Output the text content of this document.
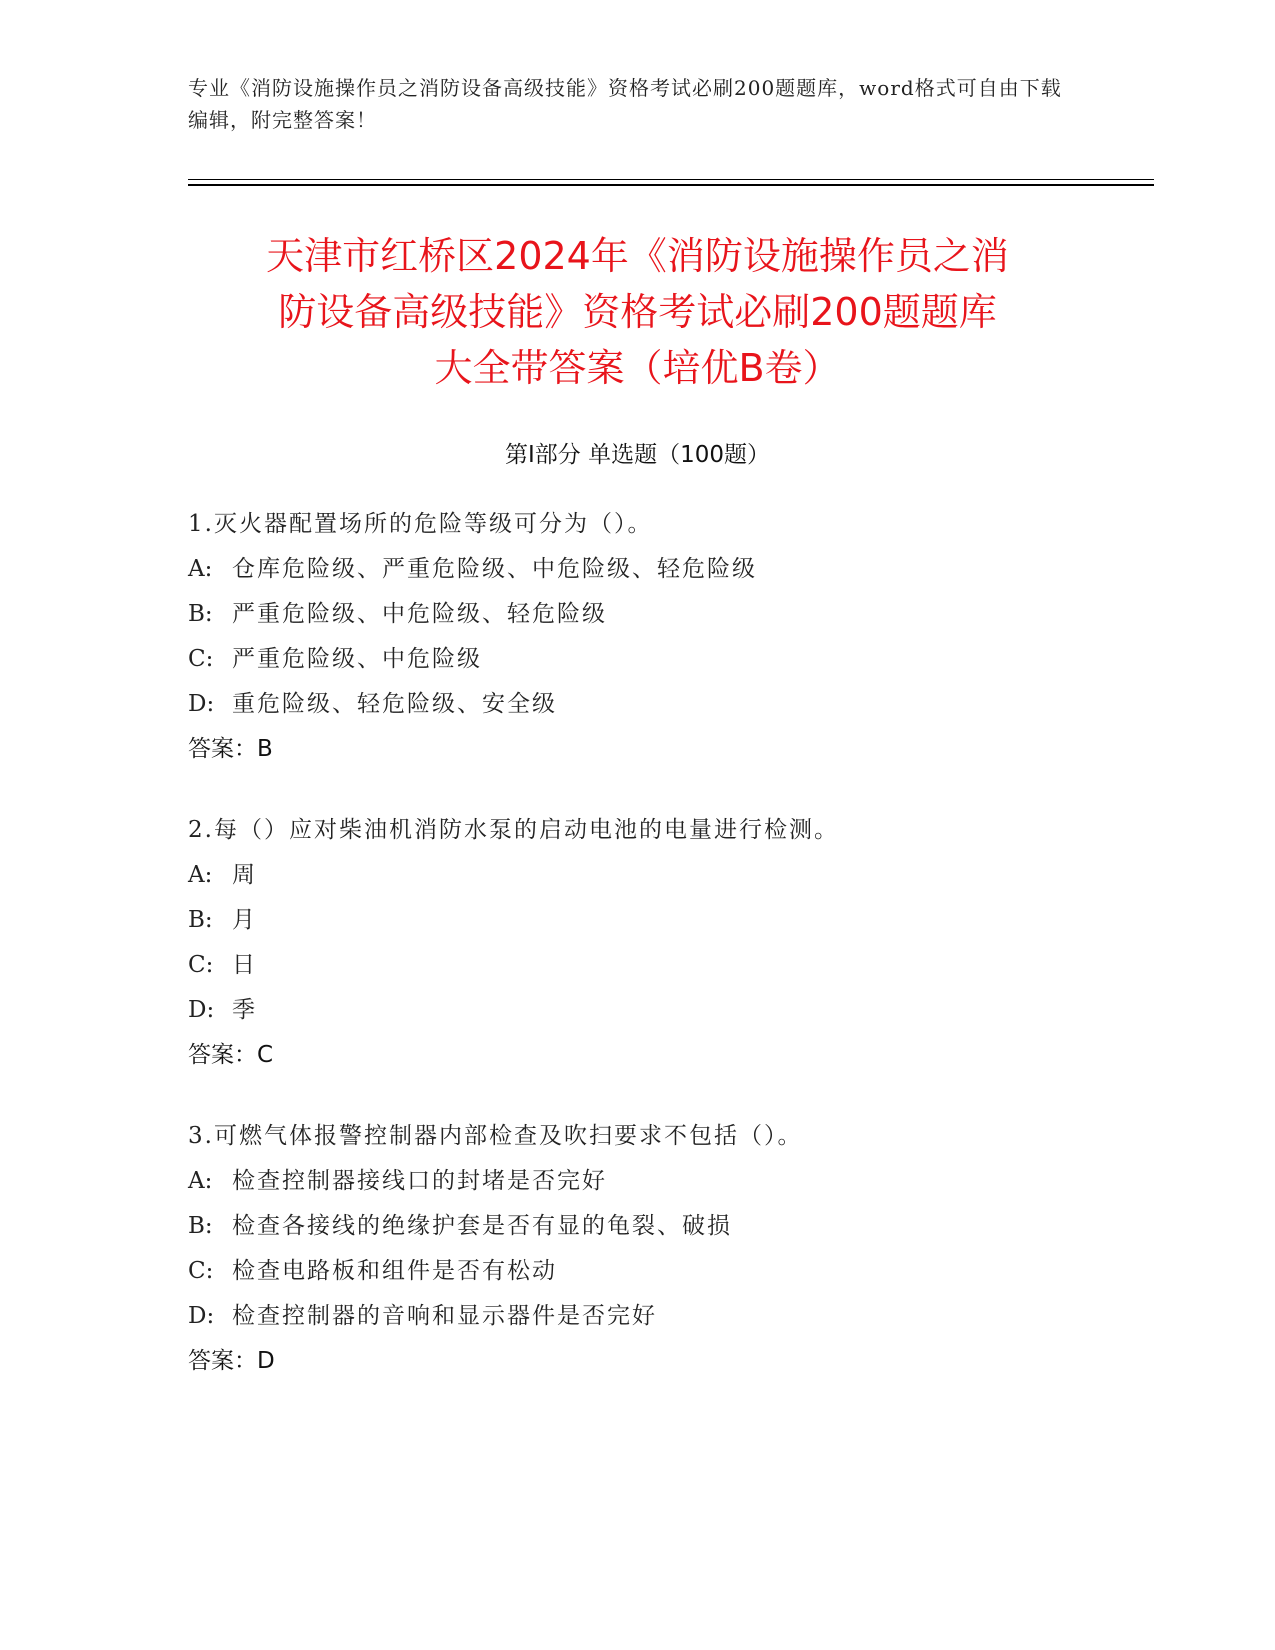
专业《消防设施操作员之消防设备高级技能》资格考试必刷200题题库，word格式可自由下载编辑，附完整答案！
天津市红桥区2024年《消防设施操作员之消
防设备高级技能》资格考试必刷200题题库
大全带答案（培优B卷）
第Ⅰ部分 单选题（100题）
1.灭火器配置场所的危险等级可分为（）。
A: 仓库危险级、严重危险级、中危险级、轻危险级
B: 严重危险级、中危险级、轻危险级
C: 严重危险级、中危险级
D: 重危险级、轻危险级、安全级
答案：B
2.每（）应对柴油机消防水泵的启动电池的电量进行检测。
A: 周
B: 月
C: 日
D: 季
答案：C
3.可燃气体报警控制器内部检查及吹扫要求不包括（）。
A: 检查控制器接线口的封堵是否完好
B: 检查各接线的绝缘护套是否有显的龟裂、破损
C: 检查电路板和组件是否有松动
D: 检查控制器的音响和显示器件是否完好
答案：D
